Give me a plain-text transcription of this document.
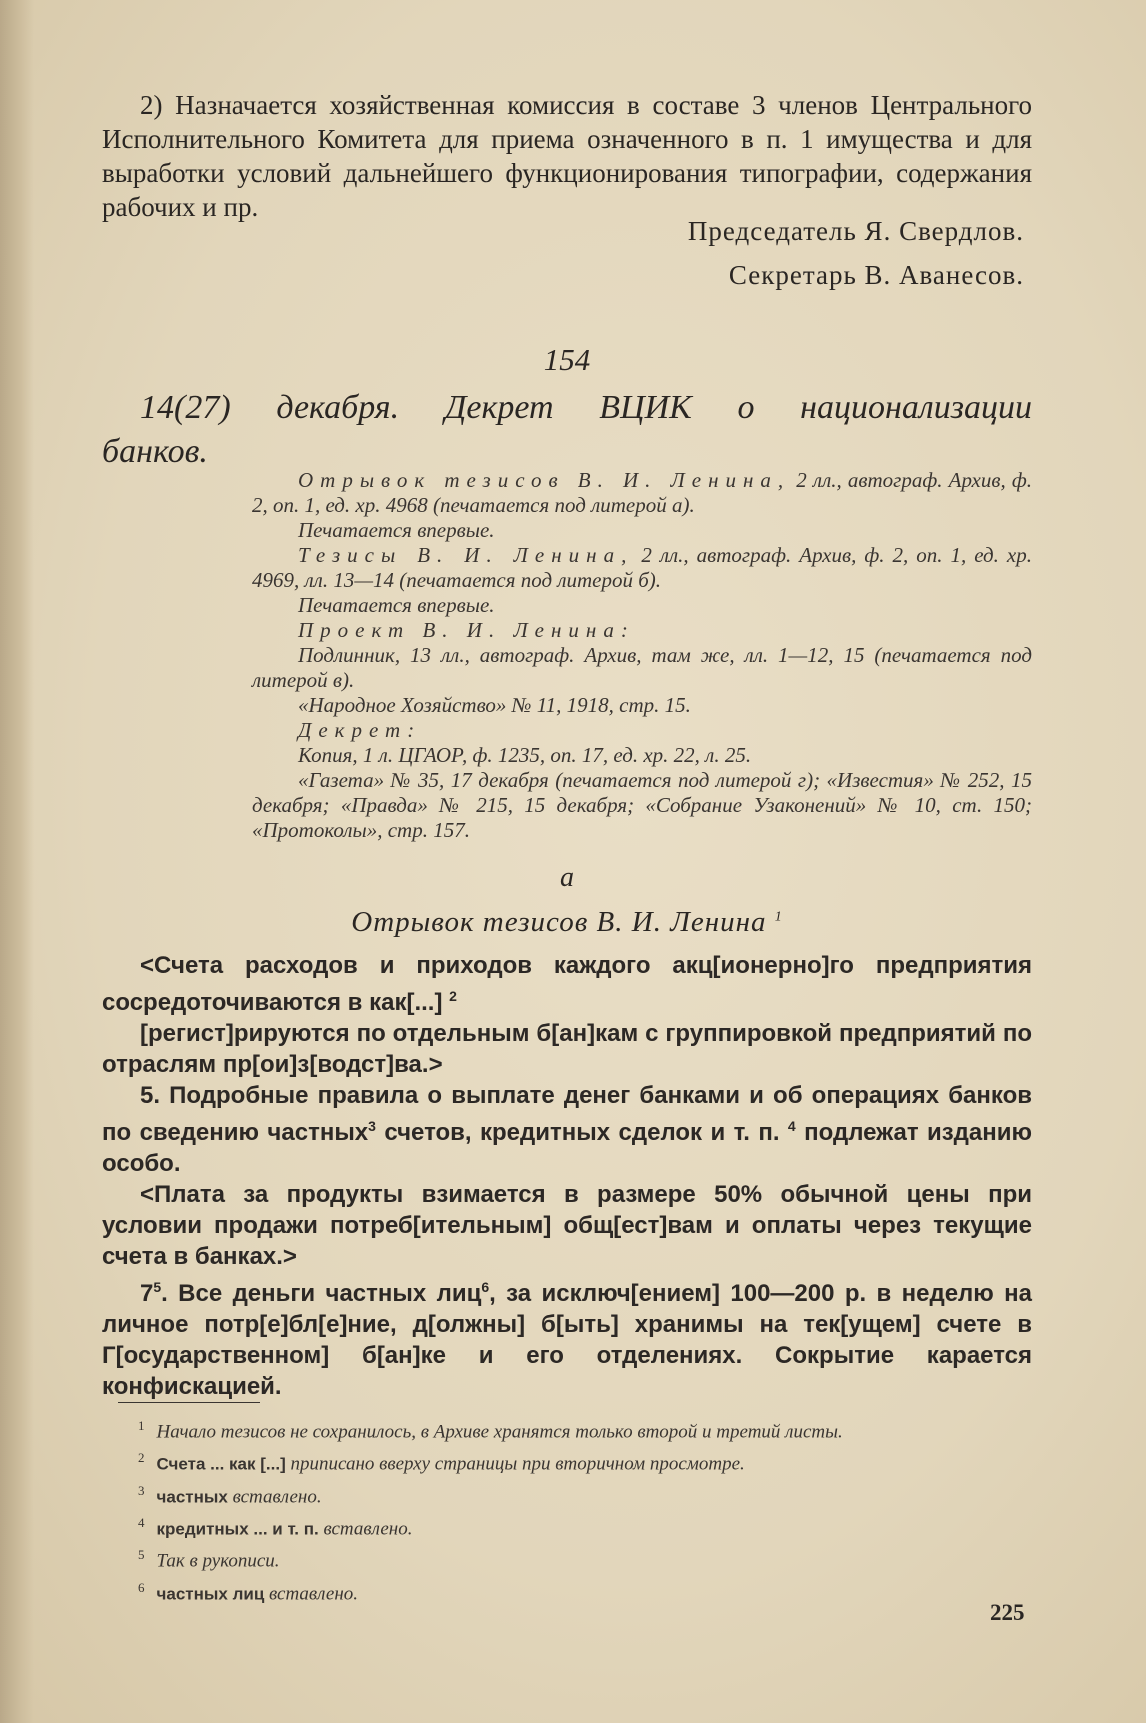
2) Назначается хозяйственная комиссия в составе 3 членов Центрального Исполнительного Комитета для приема означенного в п. 1 имущества и для выработки условий дальнейшего функционирования типографии, содержания рабочих и пр.

Председатель Я. Свердлов.

Секретарь В. Аванесов.

154

14(27) декабря. Декрет ВЦИК о национализации банков.

Отрывок тезисов В. И. Ленина, 2 лл., автограф. Архив, ф. 2, оп. 1, ед. хр. 4968 (печатается под литерой а).

Печатается впервые.

Тезисы В. И. Ленина, 2 лл., автограф. Архив, ф. 2, оп. 1, ед. хр. 4969, лл. 13—14 (печатается под литерой б).

Печатается впервые.

Проект В. И. Ленина:

Подлинник, 13 лл., автограф. Архив, там же, лл. 1—12, 15 (печатается под литерой в).

«Народное Хозяйство» № 11, 1918, стр. 15.

Декрет:

Копия, 1 л. ЦГАОР, ф. 1235, оп. 17, ед. хр. 22, л. 25.

«Газета» № 35, 17 декабря (печатается под литерой г); «Известия» № 252, 15 декабря; «Правда» № 215, 15 декабря; «Собрание Узаконений» № 10, ст. 150; «Протоколы», стр. 157.

а

Отрывок тезисов В. И. Ленина $^1$

<Счета расходов и приходов каждого акц[ионерно]го предприятия сосредоточиваются в как[...] $^2$

[регист]рируются по отдельным б[ан]кам с группировкой предприятий по отраслям пр[ои]з[водст]ва.>

5. Подробные правила о выплате денег банками и об операциях банков по сведению частных$^3$ счетов, кредитных сделок и т. п. $^4$ подлежат изданию особо.

<Плата за продукты взимается в размере 50% обычной цены при условии продажи потреб[ительным] общ[ест]вам и оплаты через текущие счета в банках.>

$7^5$. Все деньги частных лиц$^6$, за исключ[ением] 100—200 р. в неделю на личное потр[е]бл[е]ние, д[олжны] б[ыть] хранимы на тек[ущем] счете в Г[осударственном] б[ан]ке и его отделениях. Сокрытие карается конфискацией.

$^1$ Начало тезисов не сохранилось, в Архиве хранятся только второй и третий листы.

$^2$ Счета ... как [...] приписано вверху страницы при вторичном просмотре.

$^3$ частных вставлено.

$^4$ кредитных ... и т. п. вставлено.

$^5$ Так в рукописи.

$^6$ частных лиц вставлено.

225
